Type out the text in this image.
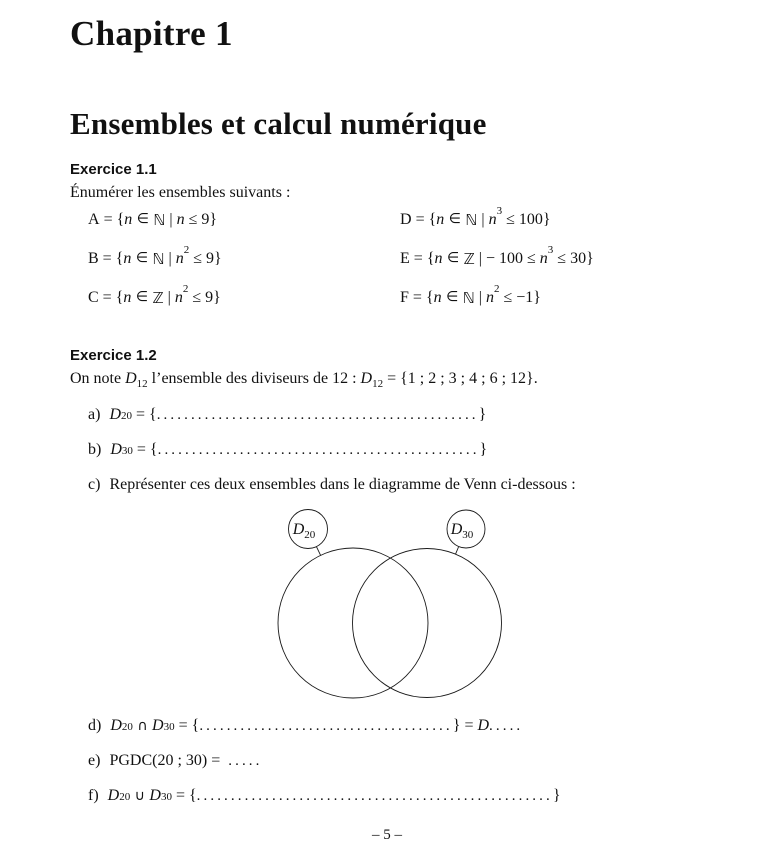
Chapitre 1
Ensembles et calcul numérique
Exercice 1.1

Énumérer les ensembles suivants :

A = { n ∈ ℕ | n ≤ 9 }	D = { n ∈ ℕ | n 3 ≤ 100 }
B = { n ∈ ℕ | n 2 ≤ 9 }	E = { n ∈ ℤ | − 100 ≤ n 3 ≤ 30 }
C = { n ∈ ℤ | n 2 ≤ 9 }	F = { n ∈ ℕ | n 2 ≤ −1 }
Exercice 1.2

On note $D_{12}$ l’ensemble des diviseurs de 12 : $D_{12} = \{1$ ; 2 ; 3 ; 4 ; 6 ; 12}.

a) D 20 = { ............................................... }
b) D 30 = { ............................................... }
c) Représenter ces deux ensembles dans le diagramme de Venn ci-dessous :
$D_{20}$	$D_{30}$
d) D 20 ∩ D 30 = { ..................................... } = D .....
e) PGDC(20 ; 30) = .....
f) D 20 ∪ D 30 = { .................................................... }
– 5 –
